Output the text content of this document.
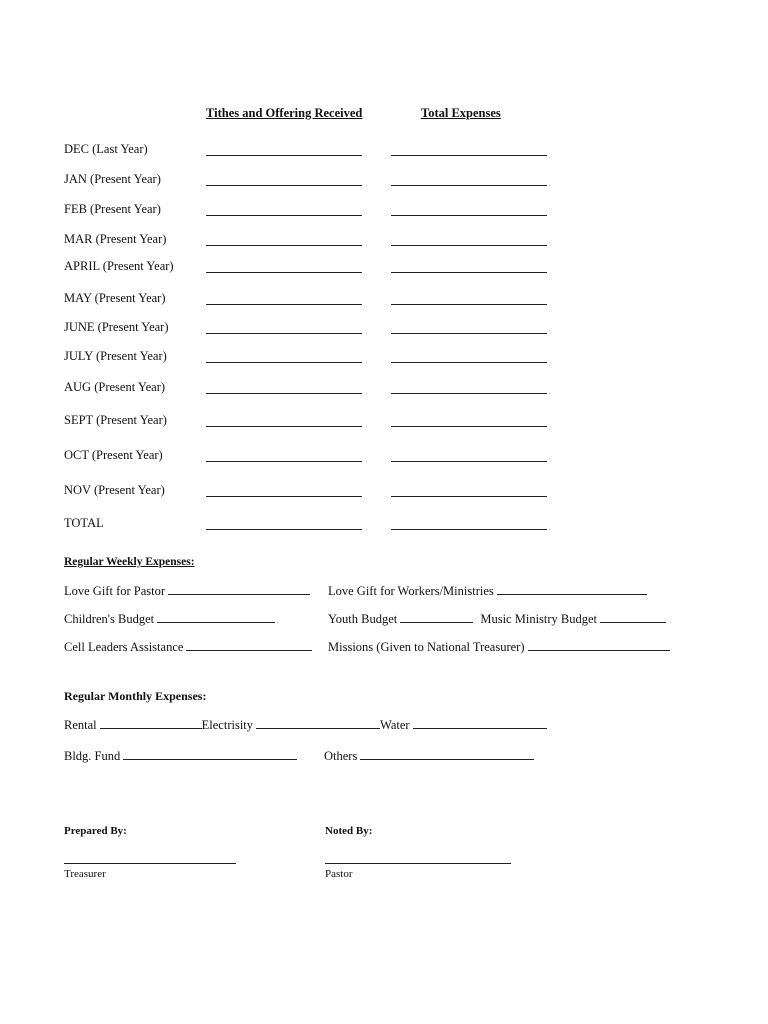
Tithes and Offering Received	Total Expenses
DEC (Last Year)
JAN (Present Year)
FEB (Present Year)
MAR (Present Year)
APRIL (Present Year)
MAY (Present Year)
JUNE (Present Year)
JULY (Present Year)
AUG (Present Year)
SEPT (Present Year)
OCT (Present Year)
NOV (Present Year)
TOTAL
Regular Weekly Expenses:
Love Gift for Pastor	Love Gift for Workers/Ministries
Children's Budget	Youth Budget	Music Ministry Budget
Cell Leaders Assistance	Missions (Given to National Treasurer)
Regular Monthly Expenses:
Rental	Electrisity	Water
Bldg. Fund	Others
Prepared By:	Noted By:
Treasurer	Pastor
